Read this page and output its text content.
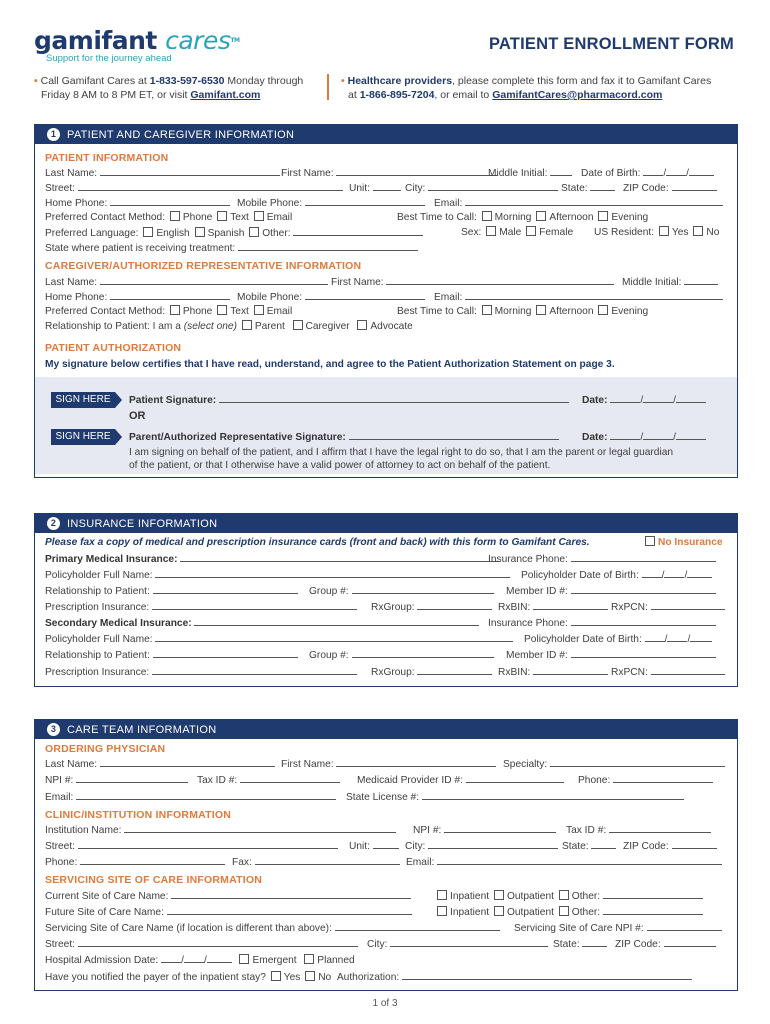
gamifant cares™
Support for the journey ahead
PATIENT ENROLLMENT FORM
• Call Gamifant Cares at 1-833-597-6530 Monday through
Friday 8 AM to 8 PM ET, or visit Gamifant.com
• Healthcare providers, please complete this form and fax it to Gamifant Cares
at 1-866-895-7204, or email to GamifantCares@pharmacord.com
1 PATIENT AND CAREGIVER INFORMATION
PATIENT INFORMATION
Last Name:	First Name:	Middle Initial:	Date of Birth: / /
Street:	Unit:	City:	State:	ZIP Code:
Home Phone:	Mobile Phone:	Email:
Preferred Contact Method: Phone Text Email	Best Time to Call: Morning Afternoon Evening
Preferred Language: English Spanish Other:	Sex: Male Female US Resident: Yes No
State where patient is receiving treatment:
CAREGIVER/AUTHORIZED REPRESENTATIVE INFORMATION
Last Name:	First Name:	Middle Initial:
Home Phone:	Mobile Phone:	Email:
Preferred Contact Method: Phone Text Email	Best Time to Call: Morning Afternoon Evening
Relationship to Patient: I am a (select one) Parent Caregiver Advocate
PATIENT AUTHORIZATION
My signature below certifies that I have read, understand, and agree to the Patient Authorization Statement on page 3.
SIGN HERE	Patient Signature:	Date:	/	/
OR
SIGN HERE	Parent/Authorized Representative Signature:	Date:	/	/
I am signing on behalf of the patient, and I affirm that I have the legal right to do so, that I am the parent or legal guardian
of the patient, or that I otherwise have a valid power of attorney to act on behalf of the patient.
2 INSURANCE INFORMATION
Please fax a copy of medical and prescription insurance cards (front and back) with this form to Gamifant Cares.	No Insurance
Primary Medical Insurance:	Insurance Phone:
Policyholder Full Name:	Policyholder Date of Birth: / /
Relationship to Patient:	Group #:	Member ID #:
Prescription Insurance:	RxGroup:	RxBIN:	RxPCN:
Secondary Medical Insurance:	Insurance Phone:
Policyholder Full Name:	Policyholder Date of Birth: / /
Relationship to Patient:	Group #:	Member ID #:
Prescription Insurance:	RxGroup:	RxBIN:	RxPCN:
3 CARE TEAM INFORMATION
ORDERING PHYSICIAN
Last Name:	First Name:	Specialty:
NPI #:	Tax ID #:	Medicaid Provider ID #:	Phone:
Email:	State License #:
CLINIC/INSTITUTION INFORMATION
Institution Name:	NPI #:	Tax ID #:
Street:	Unit:	City:	State:	ZIP Code:
Phone:	Fax:	Email:
SERVICING SITE OF CARE INFORMATION
Current Site of Care Name:	Inpatient Outpatient Other:
Future Site of Care Name:	Inpatient Outpatient Other:
Servicing Site of Care Name (if location is different than above):	Servicing Site of Care NPI #:
Street:	City:	State:	ZIP Code:
Hospital Admission Date: / /	Emergent Planned
Have you notified the payer of the inpatient stay? Yes No Authorization:
1 of 3
